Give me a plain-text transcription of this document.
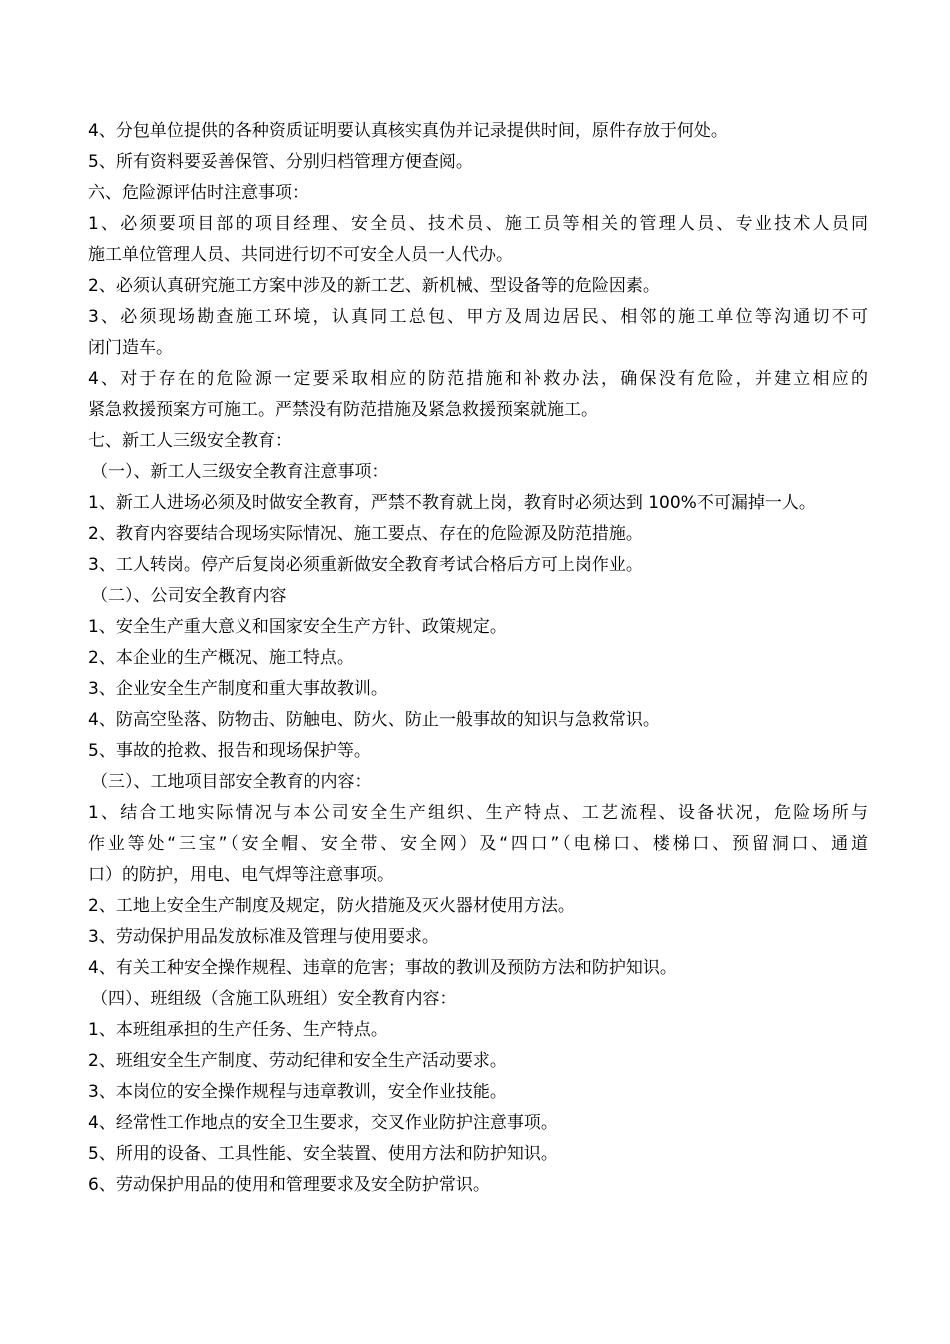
4、分包单位提供的各种资质证明要认真核实真伪并记录提供时间，原件存放于何处。
5、所有资料要妥善保管、分别归档管理方便查阅。
六、危险源评估时注意事项：
1、必须要项目部的项目经理、安全员、技术员、施工员等相关的管理人员、专业技术人员同
施工单位管理人员、共同进行切不可安全人员一人代办。
2、必须认真研究施工方案中涉及的新工艺、新机械、型设备等的危险因素。
3、必须现场勘查施工环境，认真同工总包、甲方及周边居民、相邻的施工单位等沟通切不可
闭门造车。
4、对于存在的危险源一定要采取相应的防范措施和补救办法，确保没有危险，并建立相应的
紧急救援预案方可施工。严禁没有防范措施及紧急救援预案就施工。
七、新工人三级安全教育：
（一）、新工人三级安全教育注意事项：
1、新工人进场必须及时做安全教育，严禁不教育就上岗，教育时必须达到 100%不可漏掉一人。
2、教育内容要结合现场实际情况、施工要点、存在的危险源及防范措施。
3、工人转岗。停产后复岗必须重新做安全教育考试合格后方可上岗作业。
（二）、公司安全教育内容
1、安全生产重大意义和国家安全生产方针、政策规定。
2、本企业的生产概况、施工特点。
3、企业安全生产制度和重大事故教训。
4、防高空坠落、防物击、防触电、防火、防止一般事故的知识与急救常识。
5、事故的抢救、报告和现场保护等。
（三）、工地项目部安全教育的内容：
1、结合工地实际情况与本公司安全生产组织、生产特点、工艺流程、设备状况，危险场所与
作业等处“三宝”（安全帽、安全带、安全网）及“四口”（电梯口、楼梯口、预留洞口、通道
口）的防护，用电、电气焊等注意事项。
2、工地上安全生产制度及规定，防火措施及灭火器材使用方法。
3、劳动保护用品发放标准及管理与使用要求。
4、有关工种安全操作规程、违章的危害；事故的教训及预防方法和防护知识。
（四）、班组级（含施工队班组）安全教育内容：
1、本班组承担的生产任务、生产特点。
2、班组安全生产制度、劳动纪律和安全生产活动要求。
3、本岗位的安全操作规程与违章教训，安全作业技能。
4、经常性工作地点的安全卫生要求，交叉作业防护注意事项。
5、所用的设备、工具性能、安全装置、使用方法和防护知识。
6、劳动保护用品的使用和管理要求及安全防护常识。
